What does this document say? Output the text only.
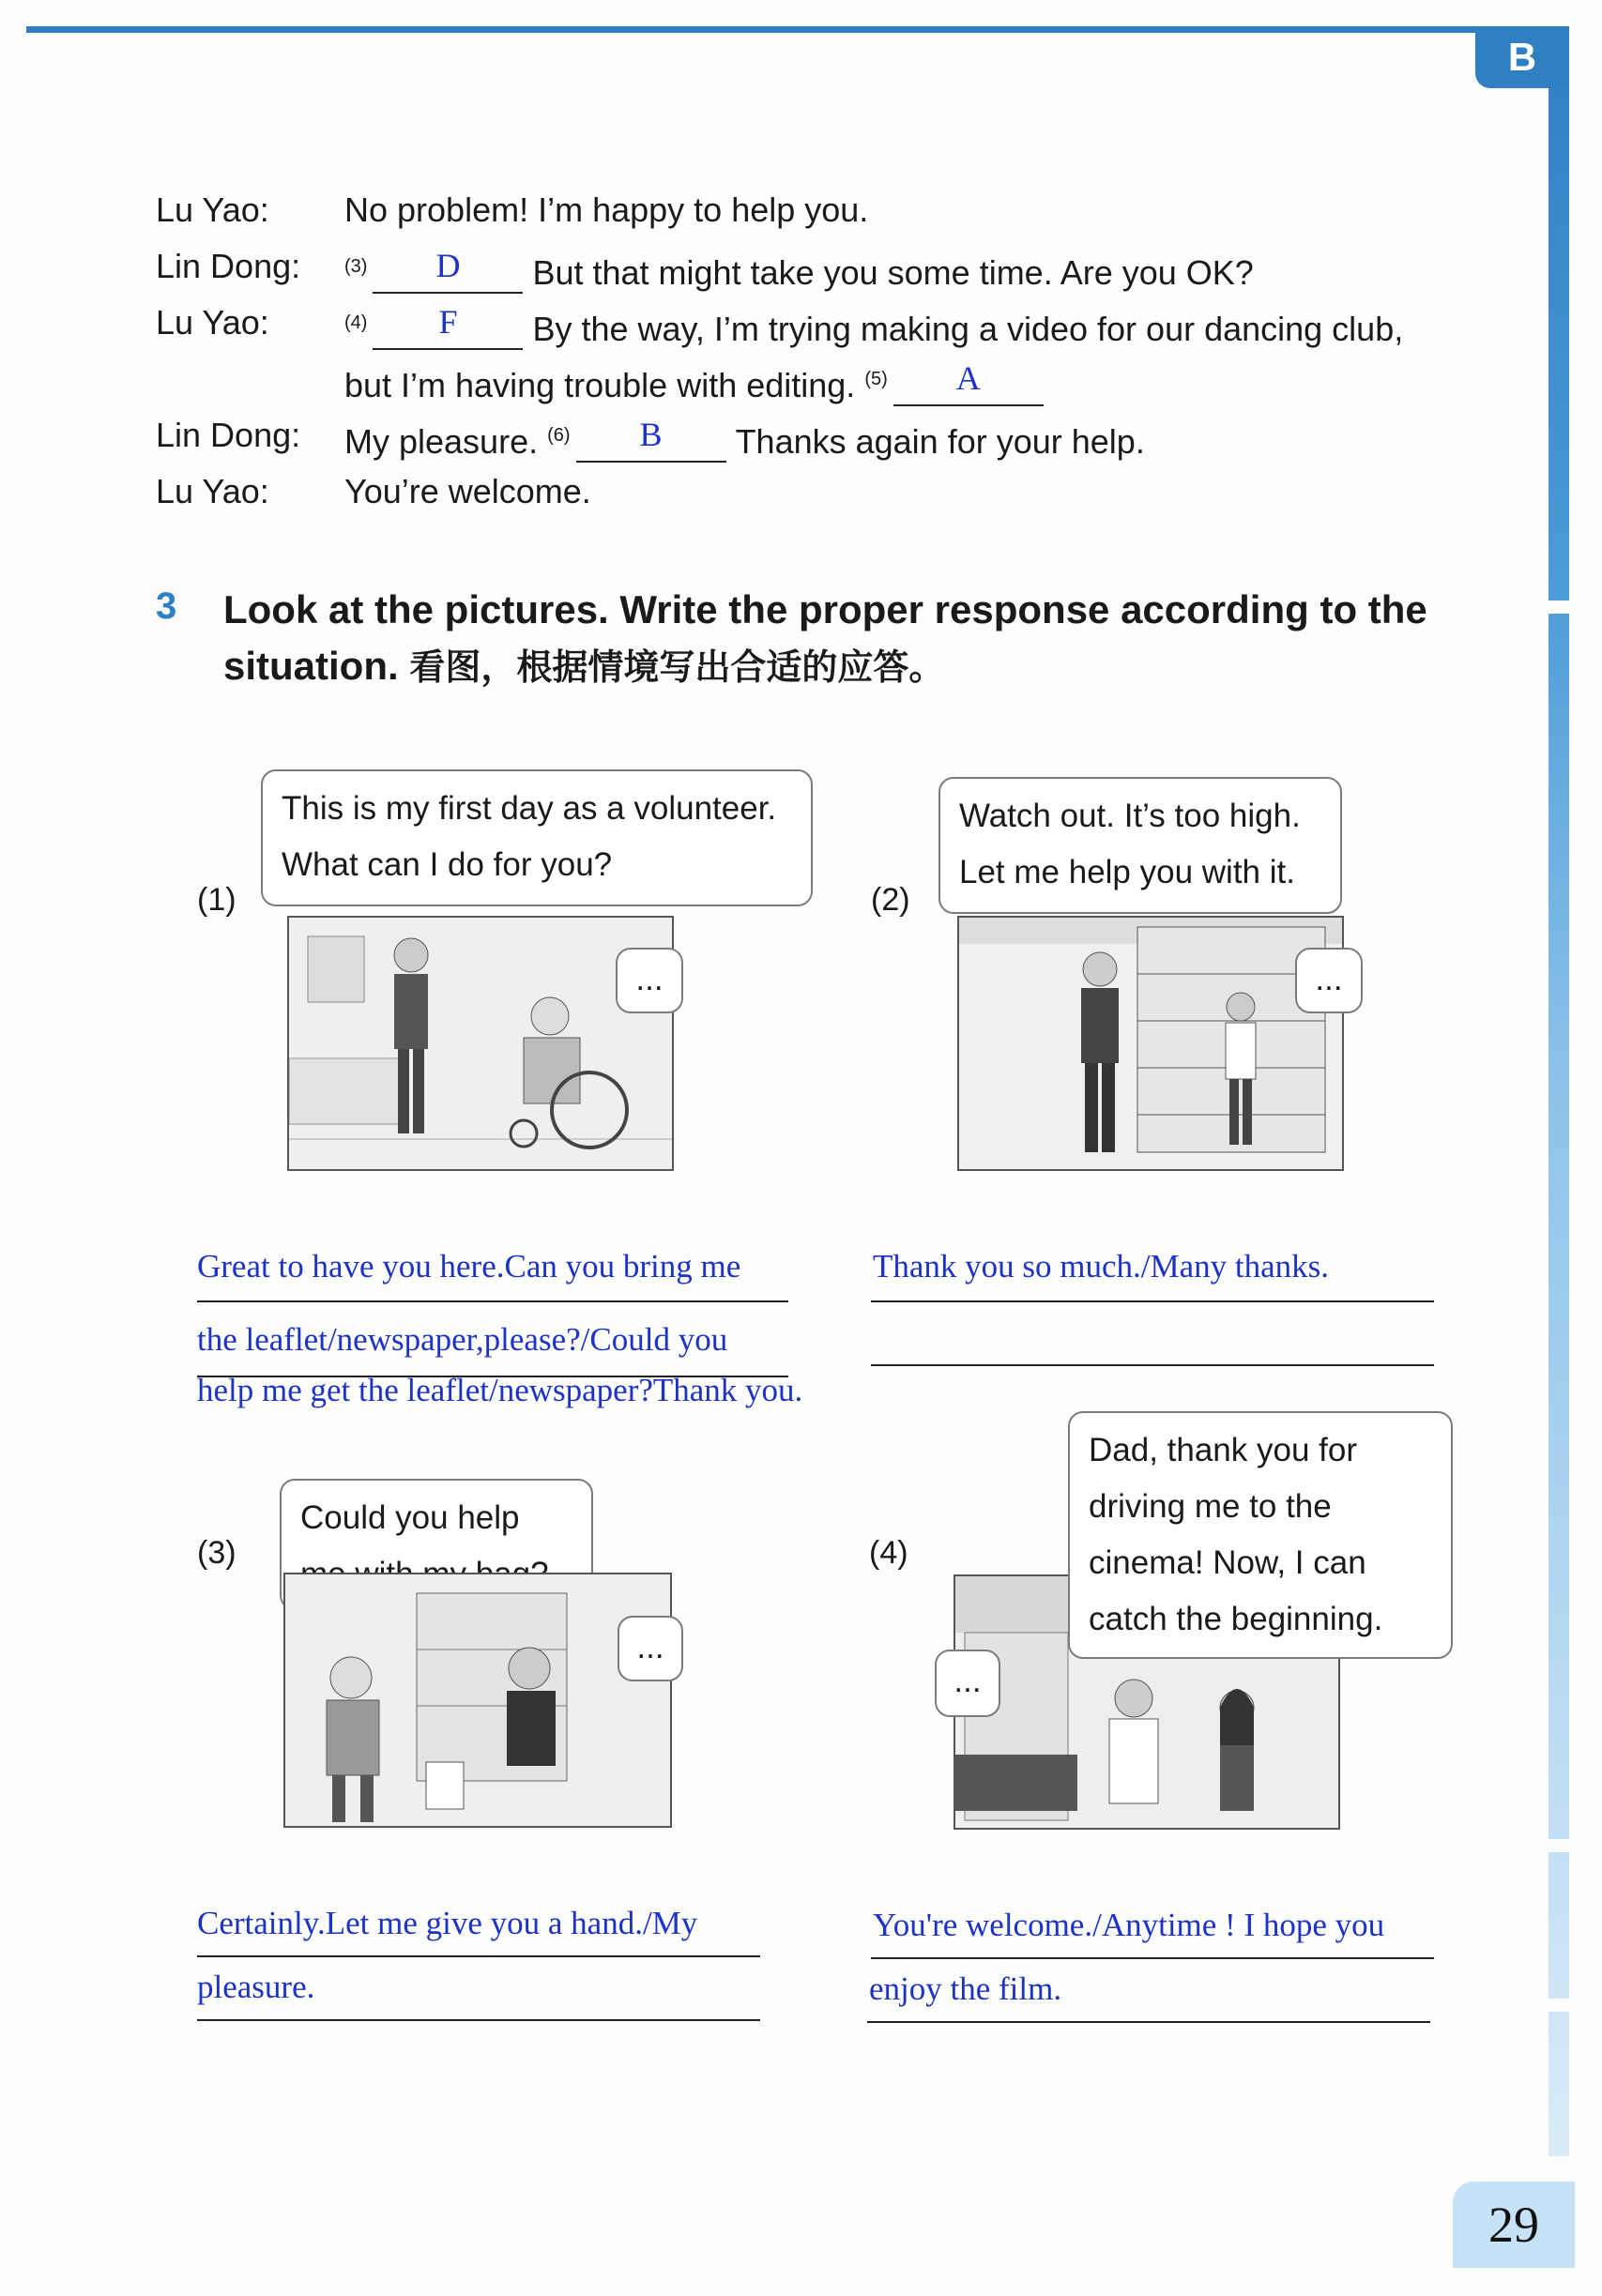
B
29
Lu Yao: No problem! I’m happy to help you.
Lin Dong: $^{(3)}$	D	But that might take you some time. Are you OK?
Lu Yao:	$^{(4)}$	F	By the way, I’m trying making a video for our dancing club,
but I’m having trouble with editing. $^{(5)}$	A
Lin Dong: My pleasure. $^{(6)}$	B	Thanks again for your help.
Lu Yao: You’re welcome.
3 Look at the pictures. Write the proper response according to the situation. 看图，根据情境写出合适的应答。
(1)
This is my first day as a volunteer.
What can I do for you?
...
(2)
Watch out. It’s too high.
Let me help you with it.
...
Great to have you here.Can you bring me
the leaflet/newspaper,please?/Could you
help me get the leaflet/newspaper?Thank you.
Thank you so much./Many thanks.
(3)
Could you help
...
(4)
Dad, thank you for
driving me to the
cinema! Now, I can
catch the beginning.
...
Certainly.Let me give you a hand./My
pleasure.
You're welcome./Anytime ! I hope you
enjoy the film.
